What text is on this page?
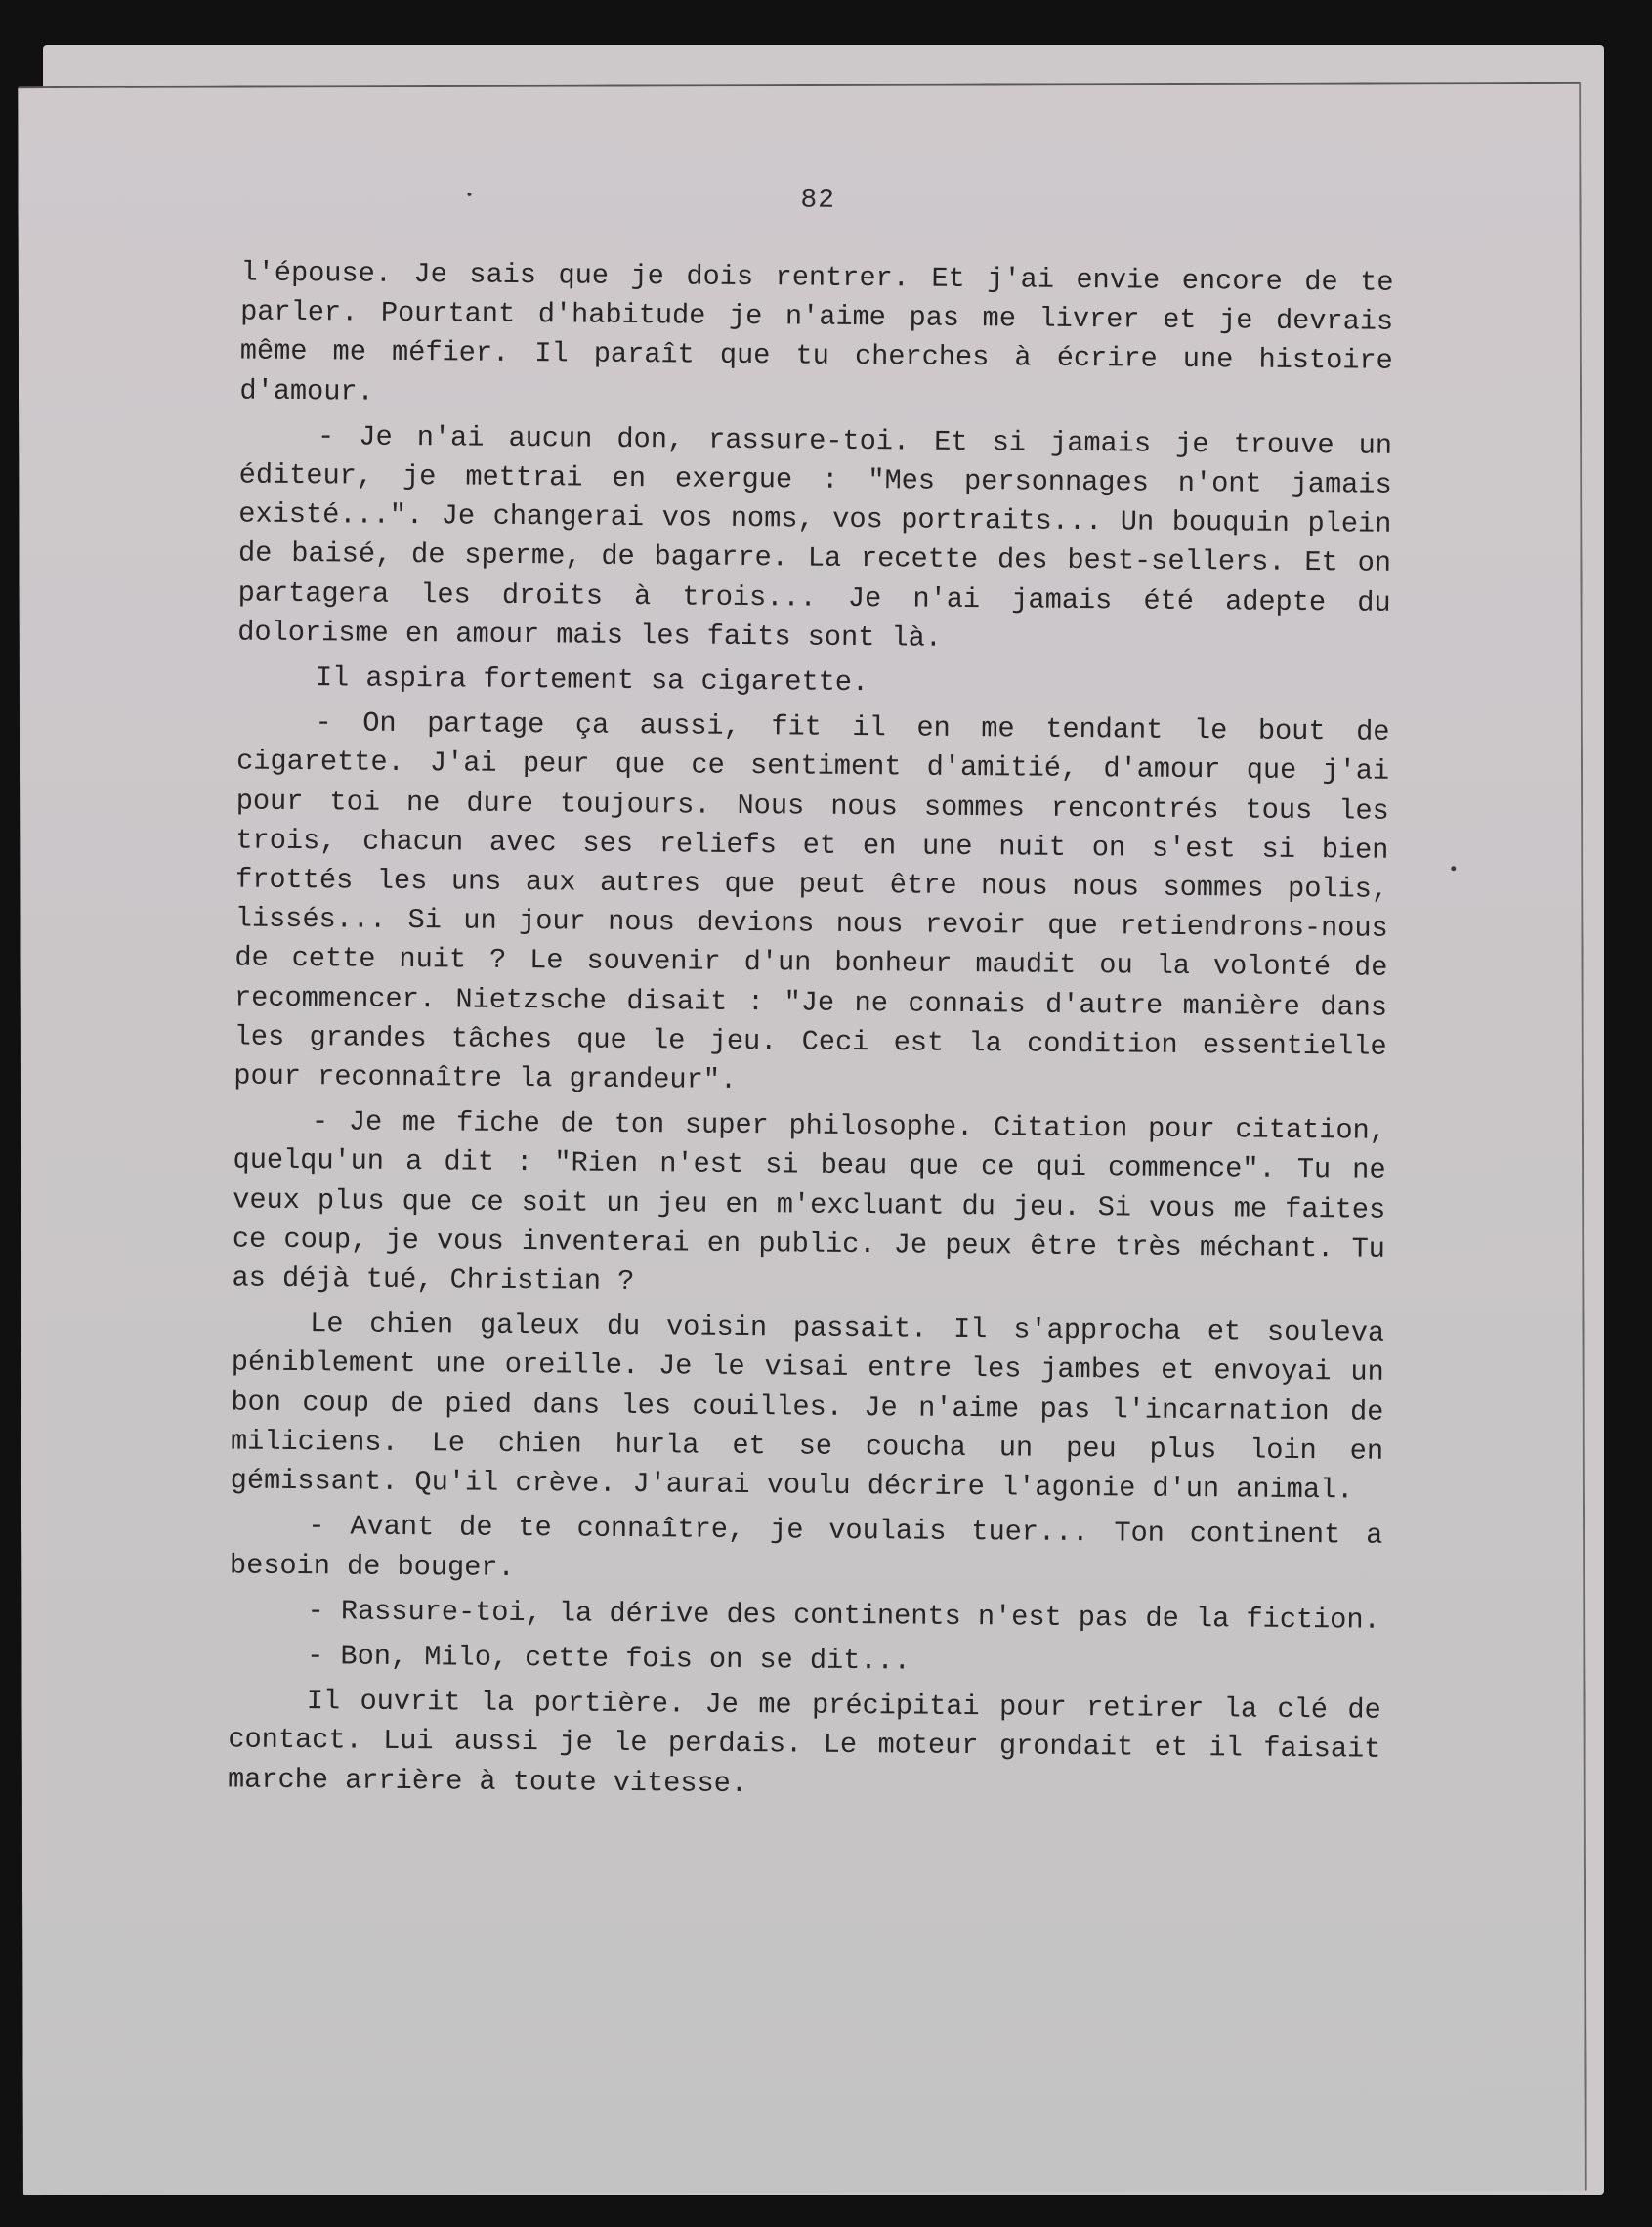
82

l'épouse. Je sais que je dois rentrer. Et j'ai envie encore de te parler. Pourtant d'habitude je n'aime pas me livrer et je devrais même me méfier. Il paraît que tu cherches à écrire une histoire d'amour.

- Je n'ai aucun don, rassure-toi. Et si jamais je trouve un éditeur, je mettrai en exergue : "Mes personnages n'ont jamais existé...". Je changerai vos noms, vos portraits... Un bouquin plein de baisé, de sperme, de bagarre. La recette des best-sellers. Et on partagera les droits à trois... Je n'ai jamais été adepte du dolorisme en amour mais les faits sont là.

Il aspira fortement sa cigarette.

- On partage ça aussi, fit il en me tendant le bout de cigarette. J'ai peur que ce sentiment d'amitié, d'amour que j'ai pour toi ne dure toujours. Nous nous sommes rencontrés tous les trois, chacun avec ses reliefs et en une nuit on s'est si bien frottés les uns aux autres que peut être nous nous sommes polis, lissés... Si un jour nous devions nous revoir que retiendrons-nous de cette nuit ? Le souvenir d'un bonheur maudit ou la volonté de recommencer. Nietzsche disait : "Je ne connais d'autre manière dans les grandes tâches que le jeu. Ceci est la condition essentielle pour reconnaître la grandeur".

- Je me fiche de ton super philosophe. Citation pour citation, quelqu'un a dit : "Rien n'est si beau que ce qui commence". Tu ne veux plus que ce soit un jeu en m'excluant du jeu. Si vous me faites ce coup, je vous inventerai en public. Je peux être très méchant. Tu as déjà tué, Christian ?

Le chien galeux du voisin passait. Il s'approcha et souleva péniblement une oreille. Je le visai entre les jambes et envoyai un bon coup de pied dans les couilles. Je n'aime pas l'incarnation de miliciens. Le chien hurla et se coucha un peu plus loin en gémissant. Qu'il crève. J'aurai voulu décrire l'agonie d'un animal.

- Avant de te connaître, je voulais tuer... Ton continent a besoin de bouger.

- Rassure-toi, la dérive des continents n'est pas de la fiction.

- Bon, Milo, cette fois on se dit...

Il ouvrit la portière. Je me précipitai pour retirer la clé de contact. Lui aussi je le perdais. Le moteur grondait et il faisait marche arrière à toute vitesse.
